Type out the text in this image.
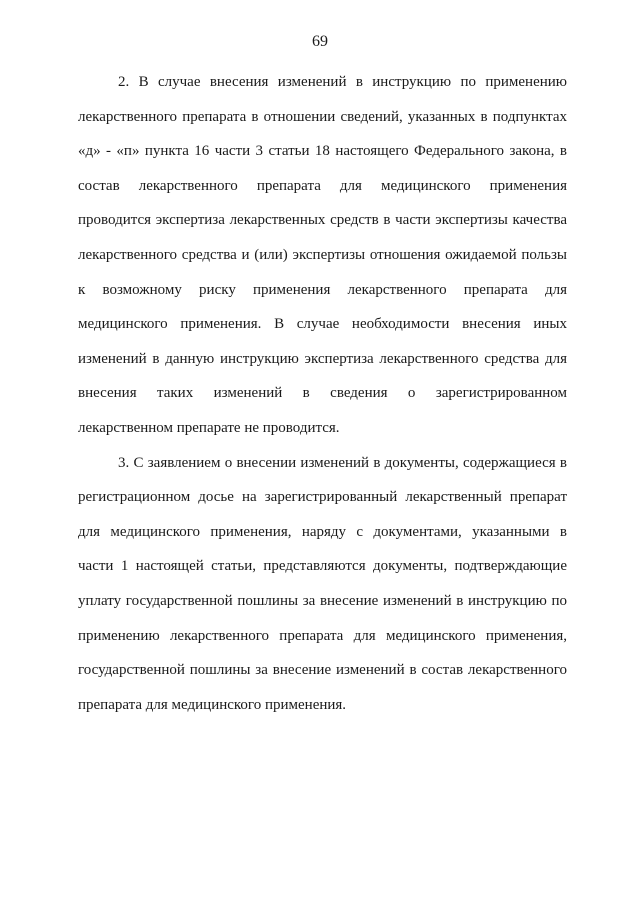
69
2. В случае внесения изменений в инструкцию по применению
лекарственного препарата в отношении сведений, указанных в подпунктах
«д» - «п» пункта 16 части 3 статьи 18 настоящего Федерального закона, в
состав лекарственного препарата для медицинского применения
проводится экспертиза лекарственных средств в части экспертизы качества
лекарственного средства и (или) экспертизы отношения ожидаемой пользы
к возможному риску применения лекарственного препарата для
медицинского применения. В случае необходимости внесения иных
изменений в данную инструкцию экспертиза лекарственного средства для
внесения таких изменений в сведения о зарегистрированном
лекарственном препарате не проводится.
3. С заявлением о внесении изменений в документы, содержащиеся в
регистрационном досье на зарегистрированный лекарственный препарат
для медицинского применения, наряду с документами, указанными в
части 1 настоящей статьи, представляются документы, подтверждающие
уплату государственной пошлины за внесение изменений в инструкцию по
применению лекарственного препарата для медицинского применения,
государственной пошлины за внесение изменений в состав лекарственного
препарата для медицинского применения.
